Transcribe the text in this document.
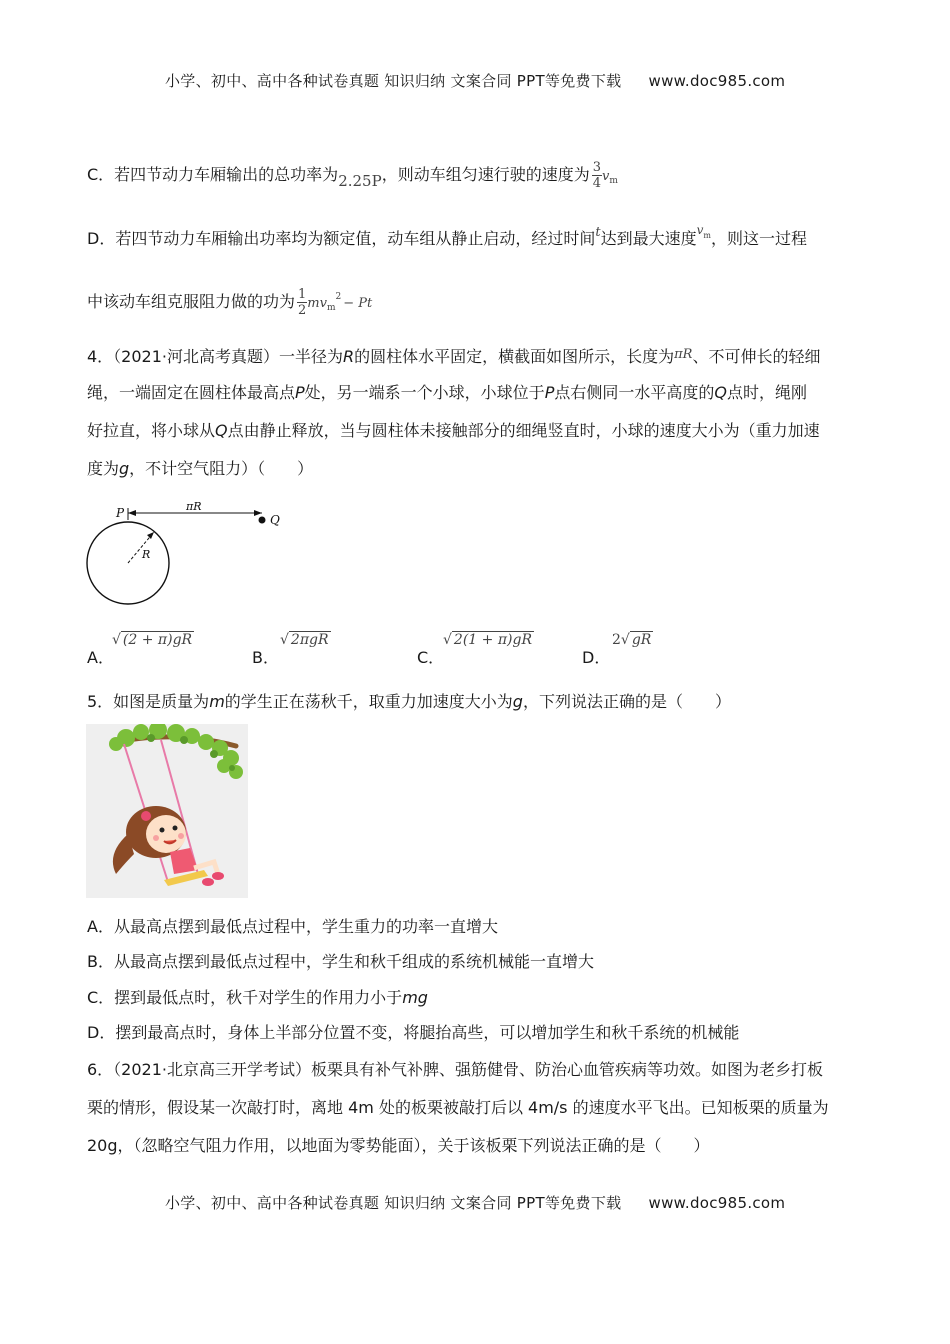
小学、初中、高中各种试卷真题 知识归纳 文案合同 PPT等免费下载 www.doc985.com
C．若四节动力车厢输出的总功率为2.25P，则动车组匀速行驶的速度为 $\frac{3}{4} v_m$
D．若四节动力车厢输出功率均为额定值，动车组从静止启动，经过时间$^t$达到最大速度$^{vm}$，则这一过程
中该动车组克服阻力做的功为 $\frac{1}{2} mv_m^2 - Pt$
4．（2021·河北高考真题）一半径为R的圆柱体水平固定，横截面如图所示，长度为$^{\pi R}$、不可伸长的轻细
绳，一端固定在圆柱体最高点P处，另一端系一个小球，小球位于P点右侧同一水平高度的Q点时，绳刚
好拉直，将小球从Q点由静止释放，当与圆柱体未接触部分的细绳竖直时，小球的速度大小为（重力加速
度为g，不计空气阻力）（　　）
P	Q
πR
R
A．
√ (2 + π)gR
B．
√ 2πgR
C．
√ 2(1 + π)gR
D．
2√ gR
5．如图是质量为m的学生正在荡秋千，取重力加速度大小为g，下列说法正确的是（　　）
A．从最高点摆到最低点过程中，学生重力的功率一直增大
B．从最高点摆到最低点过程中，学生和秋千组成的系统机械能一直增大
C．摆到最低点时，秋千对学生的作用力小于mg
D．摆到最高点时，身体上半部分位置不变，将腿抬高些，可以增加学生和秋千系统的机械能
6．（2021·北京高三开学考试）板栗具有补气补脾、强筋健骨、防治心血管疾病等功效。如图为老乡打板
栗的情形，假设某一次敲打时，离地 4m 处的板栗被敲打后以 4m/s 的速度水平飞出。已知板栗的质量为
20g，（忽略空气阻力作用，以地面为零势能面），关于该板栗下列说法正确的是（　　）
小学、初中、高中各种试卷真题 知识归纳 文案合同 PPT等免费下载 www.doc985.com
